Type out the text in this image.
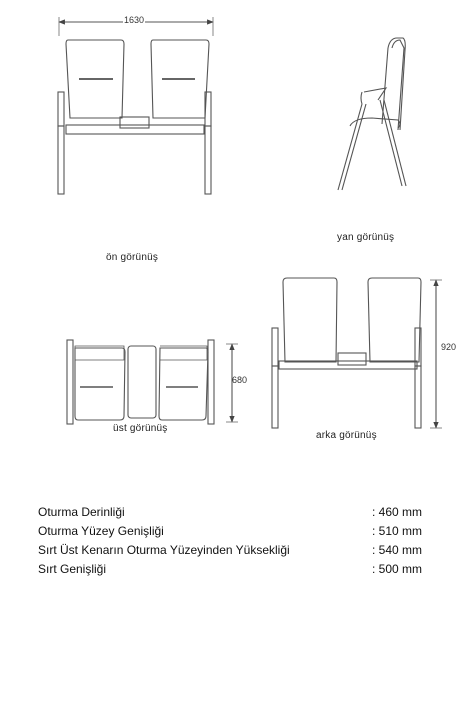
1630
920
680
ön görünüş
yan görünüş
üst görünüş
arka görünüş
Oturma Derinliği	: 460 mm
Oturma Yüzey Genişliği	: 510 mm
Sırt Üst Kenarın Oturma Yüzeyinden Yüksekliği	: 540 mm
Sırt Genişliği	: 500 mm
